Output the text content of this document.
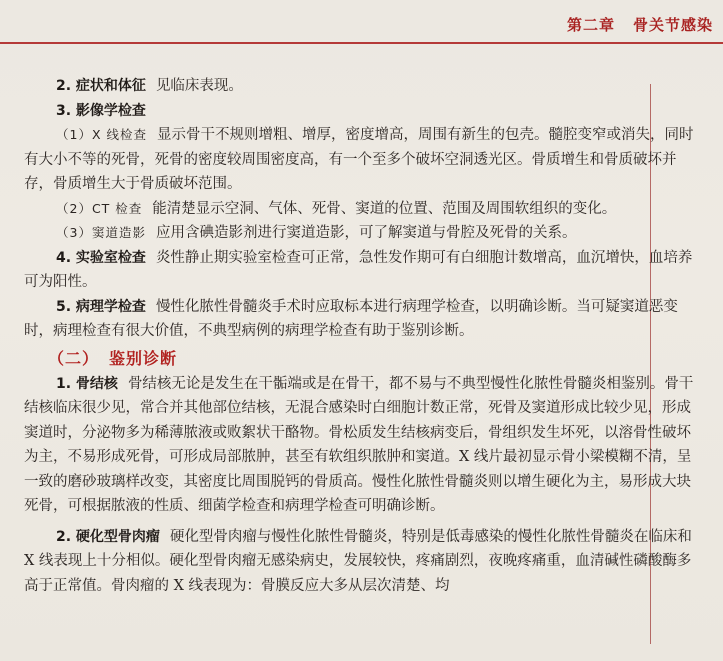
第二章 骨关节感染

2. 症状和体征 见临床表现。

3. 影像学检查

（1）X 线检查 显示骨干不规则增粗、增厚，密度增高，周围有新生的包壳。髓腔变窄或消失，同时有大小不等的死骨，死骨的密度较周围密度高，有一个至多个破坏空洞透光区。骨质增生和骨质破坏并存，骨质增生大于骨质破坏范围。

（2）CT 检查 能清楚显示空洞、气体、死骨、窦道的位置、范围及周围软组织的变化。

（3）窦道造影 应用含碘造影剂进行窦道造影，可了解窦道与骨腔及死骨的关系。

4. 实验室检查 炎性静止期实验室检查可正常，急性发作期可有白细胞计数增高，血沉增快，血培养可为阳性。

5. 病理学检查 慢性化脓性骨髓炎手术时应取标本进行病理学检查，以明确诊断。当可疑窦道恶变时，病理检查有很大价值，不典型病例的病理学检查有助于鉴别诊断。

（二） 鉴别诊断

1. 骨结核 骨结核无论是发生在干骺端或是在骨干，都不易与不典型慢性化脓性骨髓炎相鉴别。骨干结核临床很少见，常合并其他部位结核，无混合感染时白细胞计数正常，死骨及窦道形成比较少见，形成窦道时，分泌物多为稀薄脓液或败絮状干酪物。骨松质发生结核病变后，骨组织发生坏死，以溶骨性破坏为主，不易形成死骨，可形成局部脓肿，甚至有软组织脓肿和窦道。X 线片最初显示骨小梁模糊不清，呈一致的磨砂玻璃样改变，其密度比周围脱钙的骨质高。慢性化脓性骨髓炎则以增生硬化为主，易形成大块死骨，可根据脓液的性质、细菌学检查和病理学检查可明确诊断。

2. 硬化型骨肉瘤 硬化型骨肉瘤与慢性化脓性骨髓炎，特别是低毒感染的慢性化脓性骨髓炎在临床和 X 线表现上十分相似。硬化型骨肉瘤无感染病史，发展较快，疼痛剧烈，夜晚疼痛重，血清碱性磷酸酶多高于正常值。骨肉瘤的 X 线表现为：骨膜反应大多从层次清楚、均
